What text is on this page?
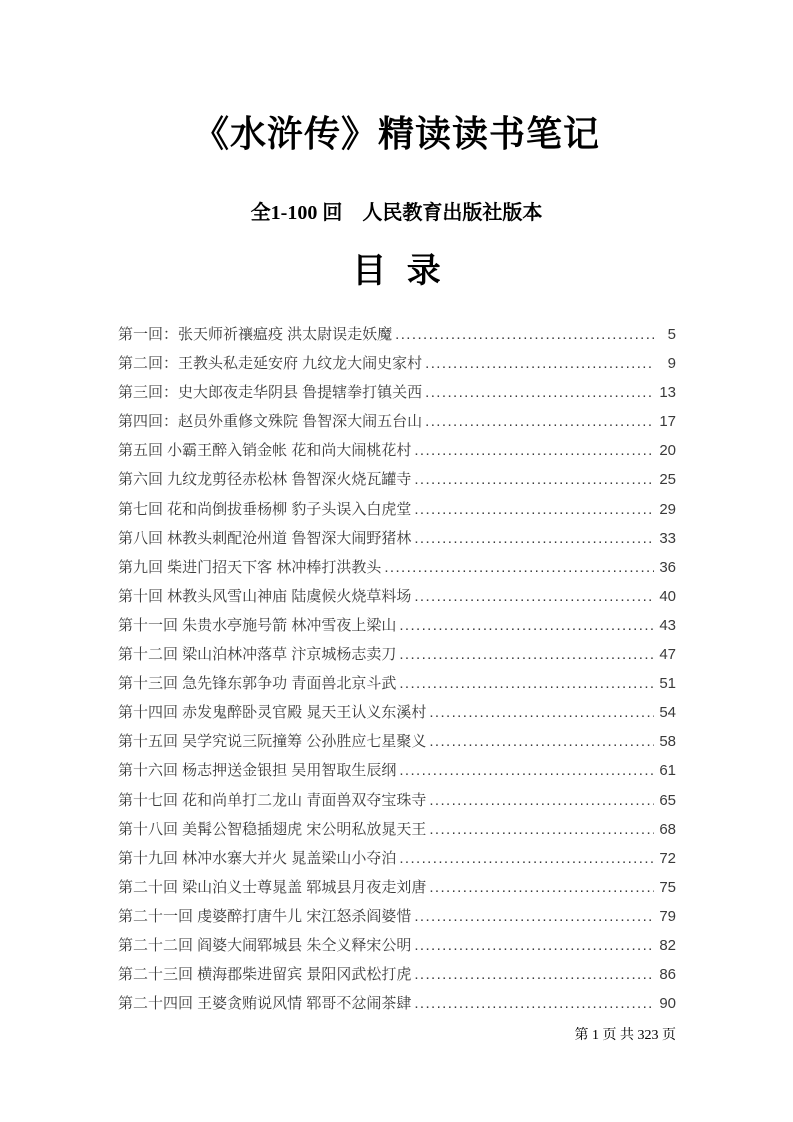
《水浒传》精读读书笔记
全1-100 回　人民教育出版社版本
目 录
第一回：张天师祈禳瘟疫 洪太尉误走妖魔 .....	5
第二回：王教头私走延安府 九纹龙大闹史家村 .....	9
第三回：史大郎夜走华阴县 鲁提辖拳打镇关西 .....	13
第四回：赵员外重修文殊院 鲁智深大闹五台山 .....	17
第五回 小霸王醉入销金帐 花和尚大闹桃花村 .....	20
第六回 九纹龙剪径赤松林 鲁智深火烧瓦罐寺 .....	25
第七回 花和尚倒拔垂杨柳 豹子头误入白虎堂 .....	29
第八回 林教头刺配沧州道 鲁智深大闹野猪林 .....	33
第九回 柴进门招天下客 林冲棒打洪教头 .....	36
第十回 林教头风雪山神庙 陆虞候火烧草料场 .....	40
第十一回 朱贵水亭施号箭 林冲雪夜上梁山 .....	43
第十二回 梁山泊林冲落草 汴京城杨志卖刀 .....	47
第十三回 急先锋东郭争功 青面兽北京斗武 .....	51
第十四回 赤发鬼醉卧灵官殿 晁天王认义东溪村 .....	54
第十五回 吴学究说三阮撞筹 公孙胜应七星聚义 .....	58
第十六回 杨志押送金银担 吴用智取生辰纲 .....	61
第十七回 花和尚单打二龙山 青面兽双夺宝珠寺 .....	65
第十八回 美髯公智稳插翅虎 宋公明私放晁天王 .....	68
第十九回 林冲水寨大并火 晁盖梁山小夺泊 .....	72
第二十回 梁山泊义士尊晁盖 郓城县月夜走刘唐 .....	75
第二十一回 虔婆醉打唐牛儿 宋江怒杀阎婆惜 .....	79
第二十二回 阎婆大闹郓城县 朱仝义释宋公明 .....	82
第二十三回 横海郡柴进留宾 景阳冈武松打虎 .....	86
第二十四回 王婆贪贿说风情 郓哥不忿闹茶肆 .....	90
第 1 页 共 323 页
